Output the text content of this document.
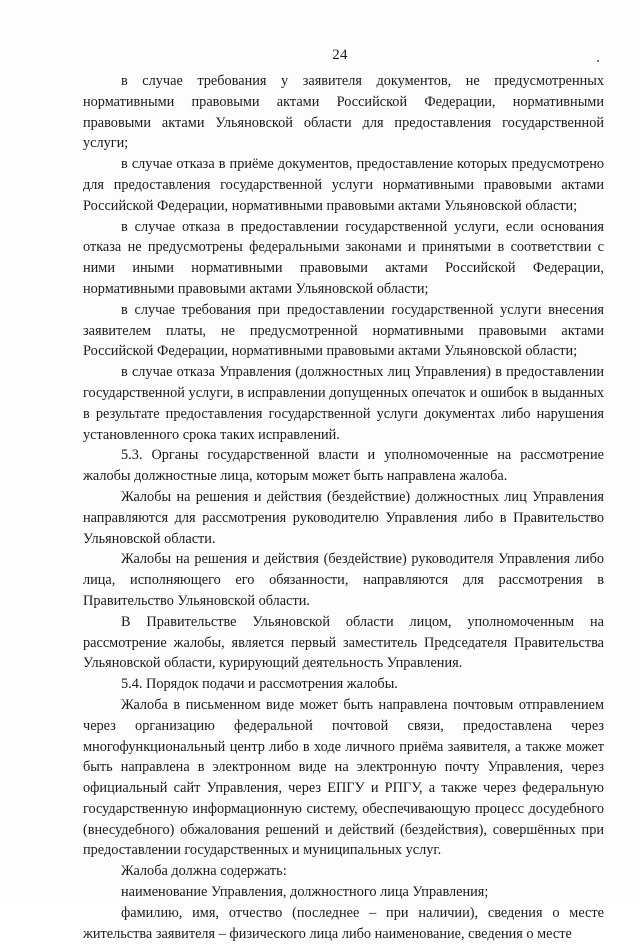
24

в случае требования у заявителя документов, не предусмотренных нормативными правовыми актами Российской Федерации, нормативными правовыми актами Ульяновской области для предоставления государственной услуги;

в случае отказа в приёме документов, предоставление которых предусмотрено для предоставления государственной услуги нормативными правовыми актами Российской Федерации, нормативными правовыми актами Ульяновской области;

в случае отказа в предоставлении государственной услуги, если основания отказа не предусмотрены федеральными законами и принятыми в соответствии с ними иными нормативными правовыми актами Российской Федерации, нормативными правовыми актами Ульяновской области;

в случае требования при предоставлении государственной услуги внесения заявителем платы, не предусмотренной нормативными правовыми актами Российской Федерации, нормативными правовыми актами Ульяновской области;

в случае отказа Управления (должностных лиц Управления) в предоставлении государственной услуги, в исправлении допущенных опечаток и ошибок в выданных в результате предоставления государственной услуги документах либо нарушения установленного срока таких исправлений.

5.3. Органы государственной власти и уполномоченные на рассмотрение жалобы должностные лица, которым может быть направлена жалоба.

Жалобы на решения и действия (бездействие) должностных лиц Управления направляются для рассмотрения руководителю Управления либо в Правительство Ульяновской области.

Жалобы на решения и действия (бездействие) руководителя Управления либо лица, исполняющего его обязанности, направляются для рассмотрения в Правительство Ульяновской области.

В Правительстве Ульяновской области лицом, уполномоченным на рассмотрение жалобы, является первый заместитель Председателя Правительства Ульяновской области, курирующий деятельность Управления.

5.4. Порядок подачи и рассмотрения жалобы.

Жалоба в письменном виде может быть направлена почтовым отправлением через организацию федеральной почтовой связи, предоставлена через многофункциональный центр либо в ходе личного приёма заявителя, а также может быть направлена в электронном виде на электронную почту Управления, через официальный сайт Управления, через ЕПГУ и РПГУ, а также через федеральную государственную информационную систему, обеспечивающую процесс досудебного (внесудебного) обжалования решений и действий (бездействия), совершённых при предоставлении государственных и муниципальных услуг.

Жалоба должна содержать:

наименование Управления, должностного лица Управления;

фамилию, имя, отчество (последнее – при наличии), сведения о месте жительства заявителя – физического лица либо наименование, сведения о месте
